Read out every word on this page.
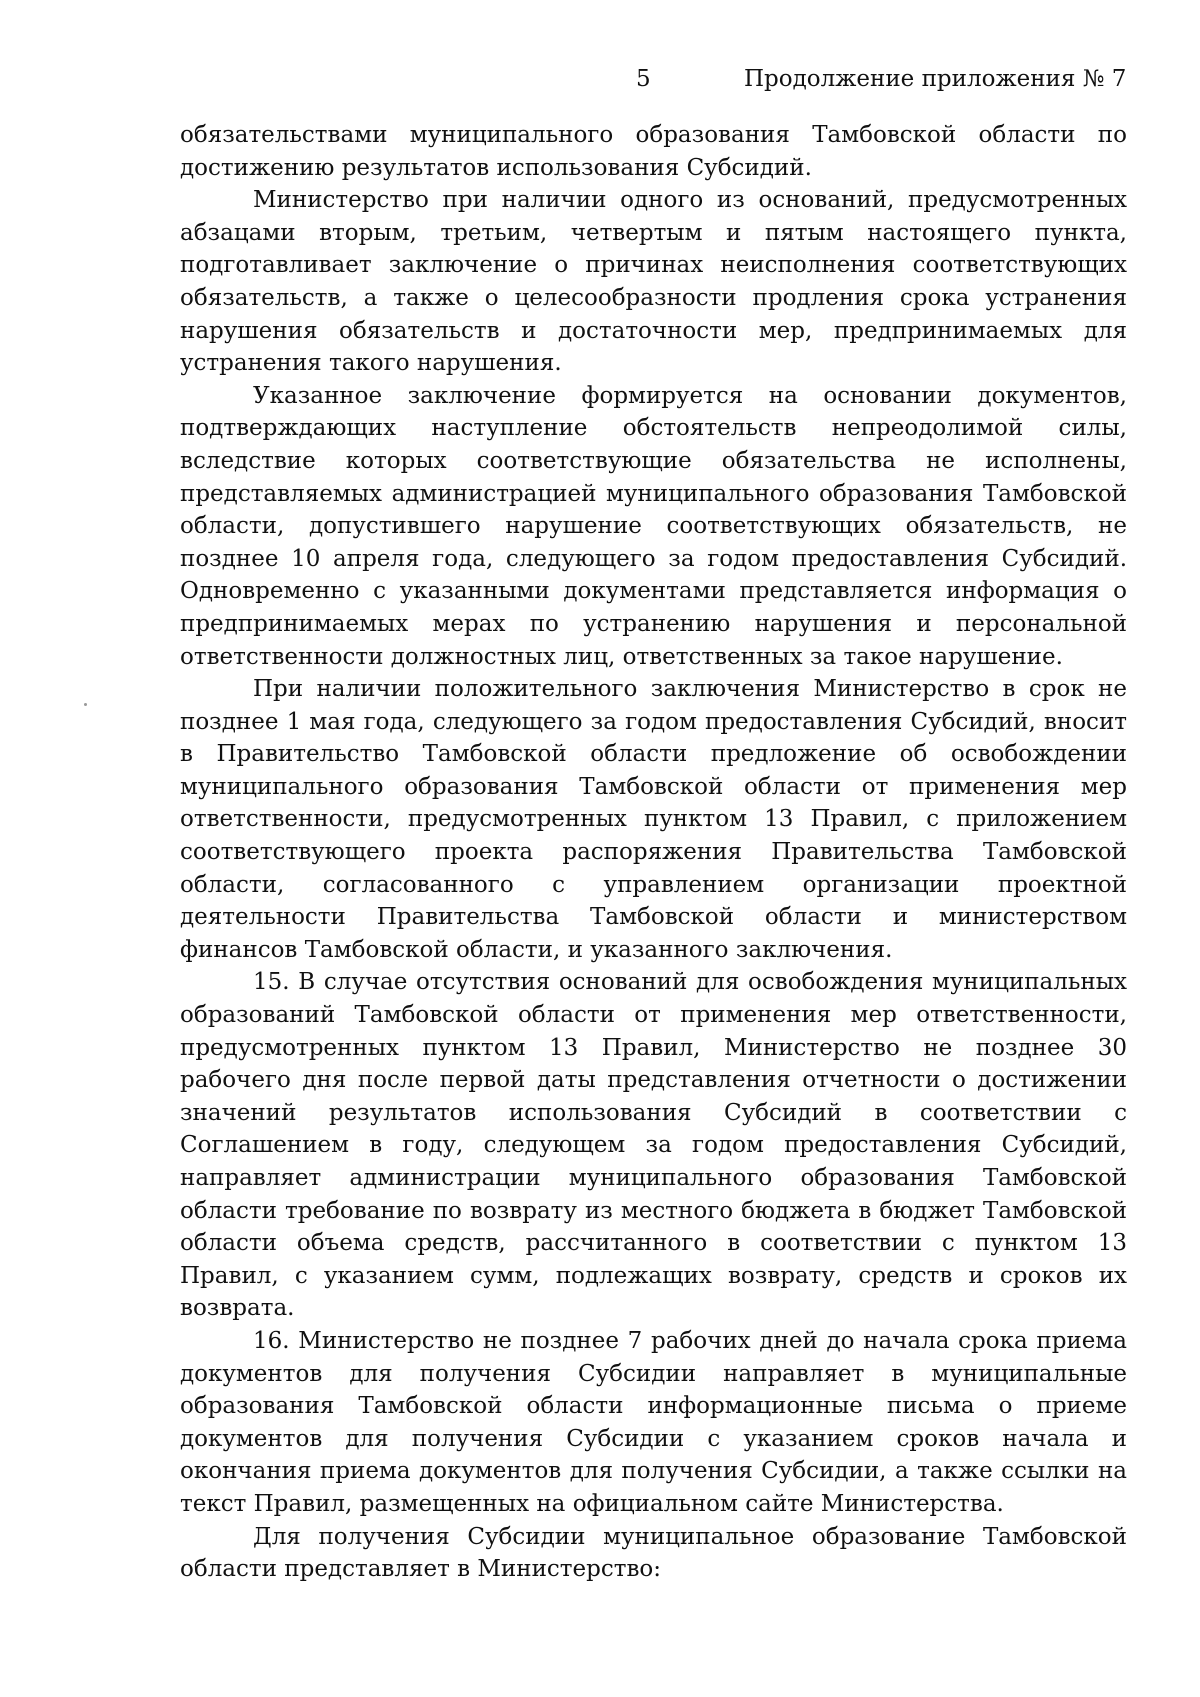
5	Продолжение приложения № 7

обязательствами муниципального образования Тамбовской области по достижению результатов использования Субсидий.

Министерство при наличии одного из оснований, предусмотренных абзацами вторым, третьим, четвертым и пятым настоящего пункта, подготавливает заключение о причинах неисполнения соответствующих обязательств, а также о целесообразности продления срока устранения нарушения обязательств и достаточности мер, предпринимаемых для устранения такого нарушения.

Указанное заключение формируется на основании документов, подтверждающих наступление обстоятельств непреодолимой силы, вследствие которых соответствующие обязательства не исполнены, представляемых администрацией муниципального образования Тамбовской области, допустившего нарушение соответствующих обязательств, не позднее 10 апреля года, следующего за годом предоставления Субсидий. Одновременно с указанными документами представляется информация о предпринимаемых мерах по устранению нарушения и персональной ответственности должностных лиц, ответственных за такое нарушение.

При наличии положительного заключения Министерство в срок не позднее 1 мая года, следующего за годом предоставления Субсидий, вносит в Правительство Тамбовской области предложение об освобождении муниципального образования Тамбовской области от применения мер ответственности, предусмотренных пунктом 13 Правил, с приложением соответствующего проекта распоряжения Правительства Тамбовской области, согласованного с управлением организации проектной деятельности Правительства Тамбовской области и министерством финансов Тамбовской области, и указанного заключения.

15. В случае отсутствия оснований для освобождения муниципальных образований Тамбовской области от применения мер ответственности, предусмотренных пунктом 13 Правил, Министерство не позднее 30 рабочего дня после первой даты представления отчетности о достижении значений результатов использования Субсидий в соответствии с Соглашением в году, следующем за годом предоставления Субсидий, направляет администрации муниципального образования Тамбовской области требование по возврату из местного бюджета в бюджет Тамбовской области объема средств, рассчитанного в соответствии с пунктом 13 Правил, с указанием сумм, подлежащих возврату, средств и сроков их возврата.

16. Министерство не позднее 7 рабочих дней до начала срока приема документов для получения Субсидии направляет в муниципальные образования Тамбовской области информационные письма о приеме документов для получения Субсидии с указанием сроков начала и окончания приема документов для получения Субсидии, а также ссылки на текст Правил, размещенных на официальном сайте Министерства.

Для получения Субсидии муниципальное образование Тамбовской области представляет в Министерство:
